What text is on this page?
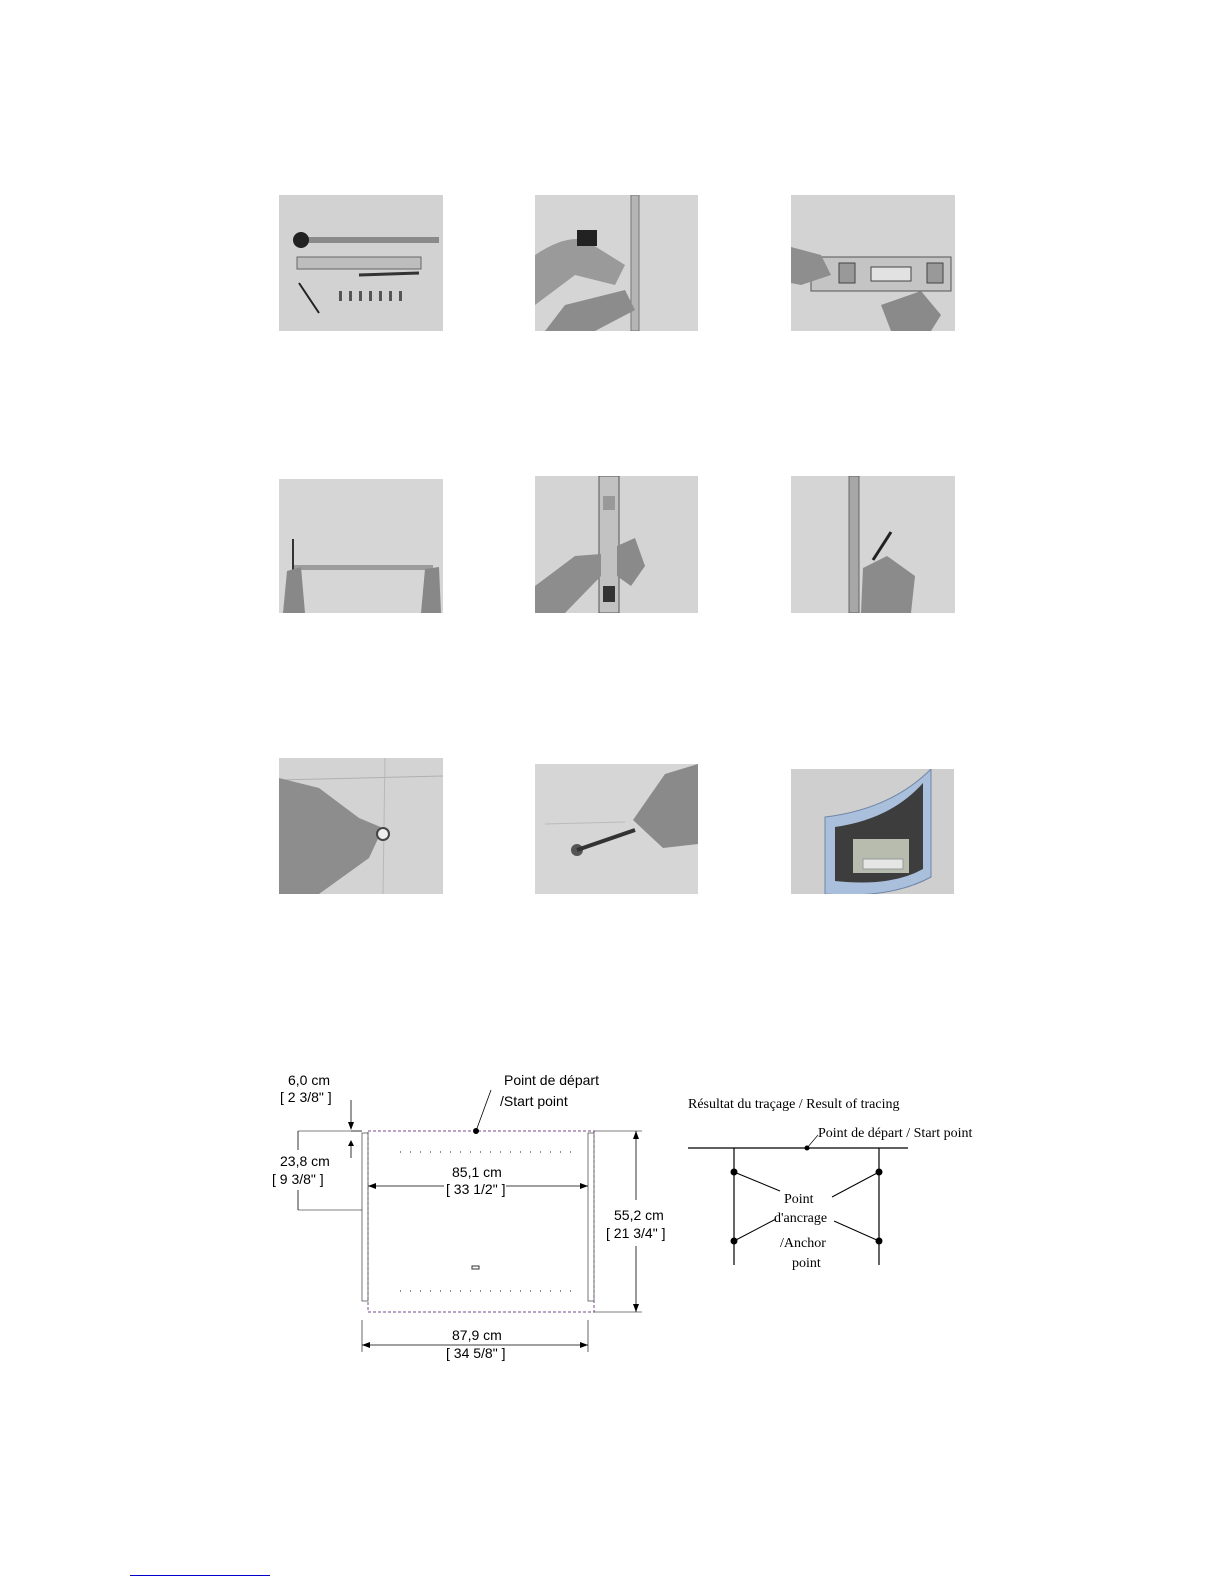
6,0 cm
[ 2 3/8" ]
Point de départ
/Start point
23,8 cm
[ 9 3/8" ]	85,1 cm
[ 33 1/2" ]
55,2 cm
[ 21 3/4" ]
87,9 cm
[ 34 5/8" ]
Résultat du traçage / Result of tracing
Point de départ / Start point
Point
d'ancrage
/Anchor
point
